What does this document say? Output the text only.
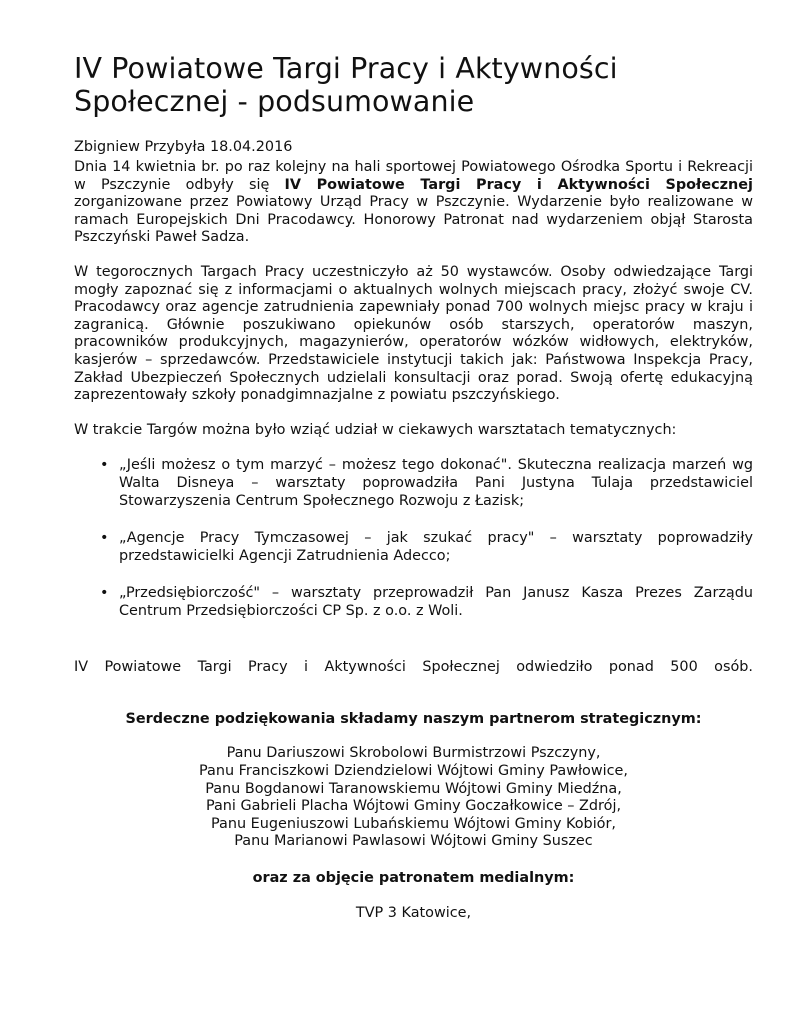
IV Powiatowe Targi Pracy i Aktywności Społecznej - podsumowanie
Zbigniew Przybyła 18.04.2016

Dnia 14 kwietnia br. po raz kolejny na hali sportowej Powiatowego Ośrodka Sportu i Rekreacji w Pszczynie odbyły się IV Powiatowe Targi Pracy i Aktywności Społecznej zorganizowane przez Powiatowy Urząd Pracy w Pszczynie. Wydarzenie było realizowane w ramach Europejskich Dni Pracodawcy. Honorowy Patronat nad wydarzeniem objął Starosta Pszczyński Paweł Sadza.

W tegorocznych Targach Pracy uczestniczyło aż 50 wystawców. Osoby odwiedzające Targi mogły zapoznać się z informacjami o aktualnych wolnych miejscach pracy, złożyć swoje CV. Pracodawcy oraz agencje zatrudnienia zapewniały ponad 700 wolnych miejsc pracy w kraju i zagranicą. Głównie poszukiwano opiekunów osób starszych, operatorów maszyn, pracowników produkcyjnych, magazynierów, operatorów wózków widłowych, elektryków, kasjerów – sprzedawców. Przedstawiciele instytucji takich jak: Państwowa Inspekcja Pracy, Zakład Ubezpieczeń Społecznych udzielali konsultacji oraz porad. Swoją ofertę edukacyjną zaprezentowały szkoły ponadgimnazjalne z powiatu pszczyńskiego.

W trakcie Targów można było wziąć udział w ciekawych warsztatach tematycznych:

• „Jeśli możesz o tym marzyć – możesz tego dokonać". Skuteczna realizacja marzeń wg Walta Disneya – warsztaty poprowadziła Pani Justyna Tulaja przedstawiciel Stowarzyszenia Centrum Społecznego Rozwoju z Łazisk;
• „Agencje Pracy Tymczasowej – jak szukać pracy" – warsztaty poprowadziły przedstawicielki Agencji Zatrudnienia Adecco;
• „Przedsiębiorczość" – warsztaty przeprowadził Pan Janusz Kasza Prezes Zarządu Centrum Przedsiębiorczości CP Sp. z o.o. z Woli.
IV Powiatowe Targi Pracy i Aktywności Społecznej odwiedziło ponad 500 osób.
Serdeczne podziękowania składamy naszym partnerom strategicznym:
Panu Dariuszowi Skrobolowi Burmistrzowi Pszczyny,
Panu Franciszkowi Dziendzielowi Wójtowi Gminy Pawłowice,
Panu Bogdanowi Taranowskiemu Wójtowi Gminy Miedźna,
Pani Gabrieli Placha Wójtowi Gminy Goczałkowice – Zdrój,
Panu Eugeniuszowi Lubańskiemu Wójtowi Gminy Kobiór,
Panu Marianowi Pawlasowi Wójtowi Gminy Suszec
oraz za objęcie patronatem medialnym:
TVP 3 Katowice,
